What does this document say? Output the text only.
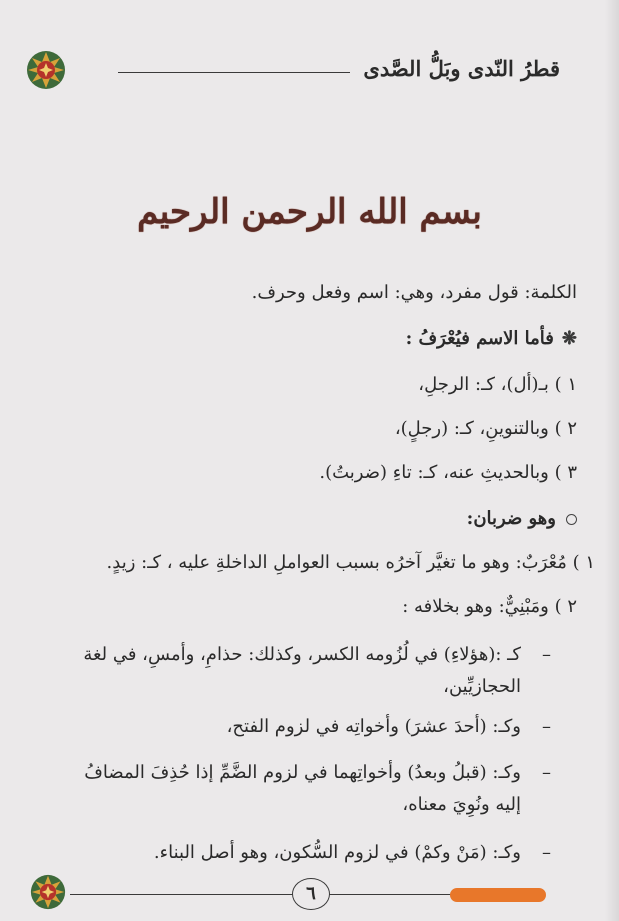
قطرُ النّدى وبَلُّ الصَّدى
بسم الله الرحمن الرحيم
الكلمة: قول مفرد، وهي: اسم وفعل وحرف.
❋فأما الاسم فيُعْرَفُ :
١ ) بـ(أل)، كـ: الرجلِ،
٢ ) وبالتنوينِ، كـ: (رجلٍ)،
٣ ) وبالحديثِ عنه، كـ: تاءِ (ضربتُ).
وهو ضربان:
١ ) مُعْرَبٌ: وهو ما تغيَّر آخرُه بسبب العواملِ الداخلةِ عليه ، كـ: زيدٍ.
٢ ) ومَبْنِيٌّ: وهو بخلافه :
–كـ :(هؤلاءِ) في لُزُومه الكسر، وكذلك: حذامِ، وأمسِ، في لغة
الحجازيِّين،
–وكـ: (أحدَ عشرَ) وأخواتِه في لزوم الفتح،
–وكـ: (قبلُ وبعدُ) وأخواتِهما في لزوم الضَّمِّ إذا حُذِفَ المضافُ
إليه ونُوِيَ معناه،
–وكـ: (مَنْ وكمْ) في لزوم السُّكون، وهو أصل البناء.
٦
